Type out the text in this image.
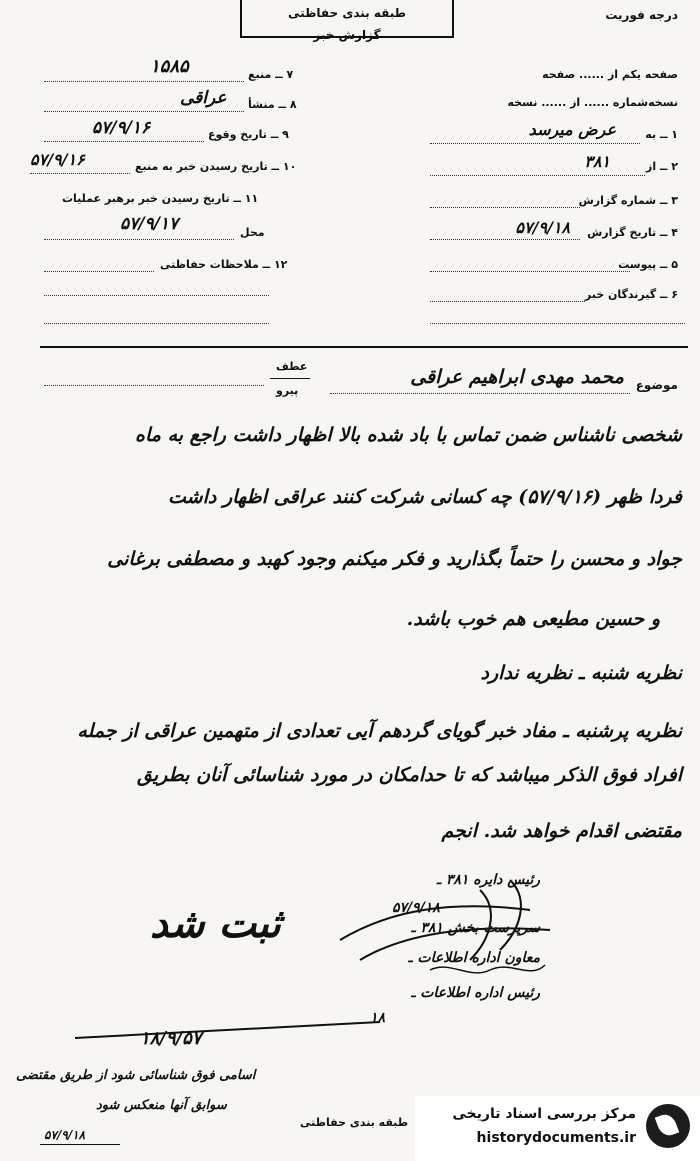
درجه فوریت
طبقه بندی حفاظتی
گزارش خبر
صفحه یکم از ...... صفحه
نسخه‌شماره ...... از ...... نسخه
۱ ــ به
عرض میرسد
۲ ــ از
۳۸۱
۳ ــ شماره گزارش
۴ ــ تاریخ گزارش
۵۷/۹/۱۸
۵ ــ پیوست
۶ ــ گیرندگان خبر
۷ ــ منبع
۱۵۸۵
۸ ــ منشأ
عراقی
۹ ــ تاریخ وقوع
۵۷/۹/۱۶
۱۰ ــ تاریخ رسیدن خبر به منبع
۵۷/۹/۱۶
۱۱ ــ تاریخ رسیدن خبر برهبر عملیات
محل
۵۷/۹/۱۷
۱۲ ــ ملاحظات حفاظتی
موضوع
محمد مهدی ابراهیم عراقی
عطف
پیرو
شخصی ناشناس ضمن تماس با باد شده بالا اظهار داشت راجع به ماه
فردا ظهر (۵۷/۹/۱۶) چه کسانی شرکت کنند عراقی اظهار داشت
جواد و محسن را حتماً بگذارید و فکر میکنم وجود کهبد و مصطفی برغانی
و حسین مطیعی هم خوب باشد.
نظریه شنبه ـ نظریه ندارد
نظریه پرشنبه ـ مفاد خبر گویای گردهم آیی تعدادی از متهمین عراقی از جمله
افراد فوق الذکر میباشد که تا حدامکان در مورد شناسائی آنان بطریق
مقتضی اقدام خواهد شد. انجم
رئیس دایره ۳۸۱ ـ
۵۷/۹/۱۸
سرپرست بخش ۳۸۱ ـ
معاون اداره اطلاعات ـ
رئیس اداره اطلاعات ـ
ثبت شد
۱۸
۱۸/۹/۵۷
اسامی فوق شناسائی شود از طریق مقتضی
سوابق آنها منعکس شود
۵۷/۹/۱۸
طبقه بندی حفاظتی
مرکز بررسی اسناد تاریخی
historydocuments.ir
